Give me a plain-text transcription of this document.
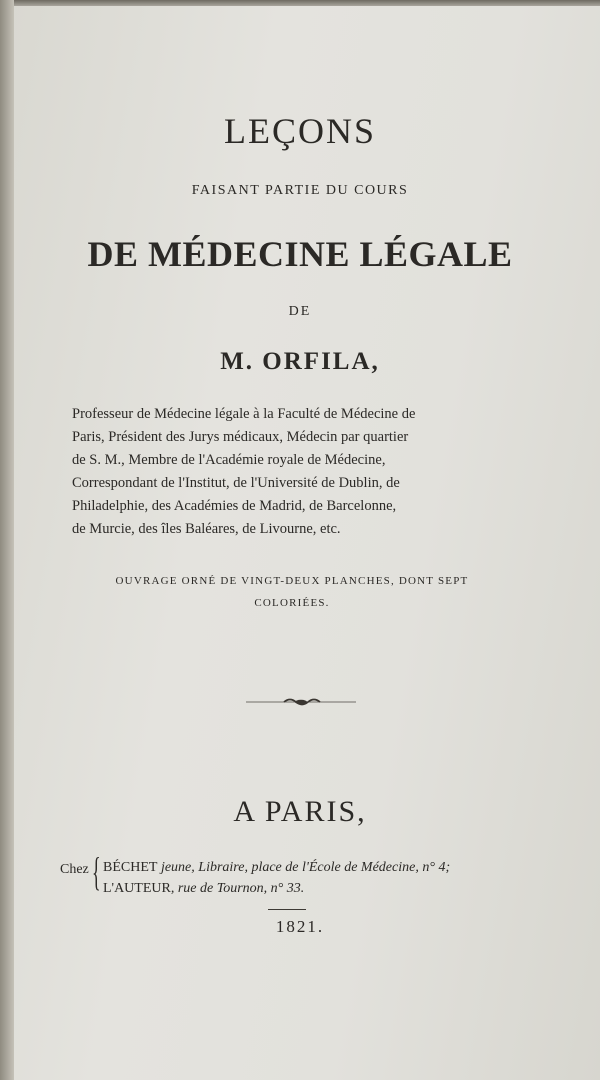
LEÇONS
FAISANT PARTIE DU COURS
DE MÉDECINE LÉGALE
DE
M. ORFILA,
Professeur de Médecine légale à la Faculté de Médecine de
Paris, Président des Jurys médicaux, Médecin par quartier
de S. M., Membre de l'Académie royale de Médecine,
Correspondant de l'Institut, de l'Université de Dublin, de
Philadelphie, des Académies de Madrid, de Barcelonne,
de Murcie, des îles Baléares, de Livourne, etc.
OUVRAGE ORNÉ DE VINGT-DEUX PLANCHES, DONT SEPT
COLORIÉES.
A PARIS,
Chez { BÉCHET jeune, Libraire, place de l'École de Médecine, n° 4;
L'AUTEUR, rue de Tournon, n° 33.
1821.
